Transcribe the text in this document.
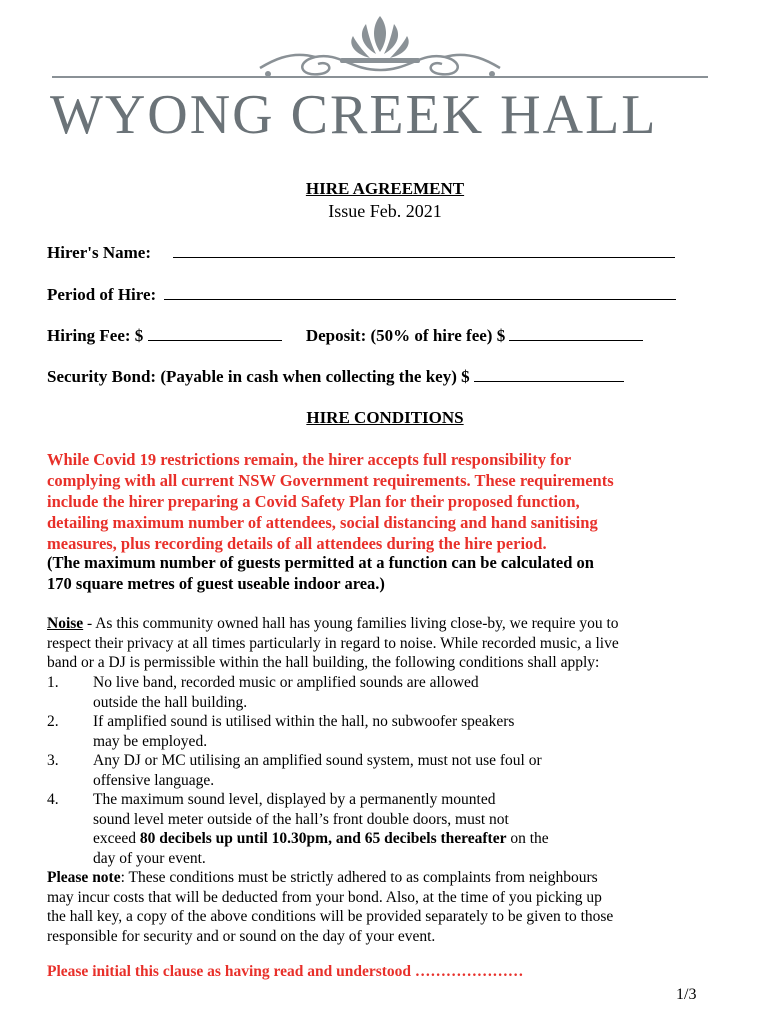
WYONG CREEK HALL
HIRE AGREEMENT
Issue Feb. 2021
Hirer's Name:
Period of Hire:
Hiring Fee: $	Deposit: (50% of hire fee) $
Security Bond: (Payable in cash when collecting the key) $
HIRE CONDITIONS
While Covid 19 restrictions remain, the hirer accepts full responsibility for
complying with all current NSW Government requirements. These requirements
include the hirer preparing a Covid Safety Plan for their proposed function,
detailing maximum number of attendees, social distancing and hand sanitising
measures, plus recording details of all attendees during the hire period.
(The maximum number of guests permitted at a function can be calculated on
170 square metres of guest useable indoor area.)
Noise - As this community owned hall has young families living close-by, we require you to
respect their privacy at all times particularly in regard to noise. While recorded music, a live
band or a DJ is permissible within the hall building, the following conditions shall apply:
1. No live band, recorded music or amplified sounds are allowed
outside the hall building.
2. If amplified sound is utilised within the hall, no subwoofer speakers
may be employed.
3. Any DJ or MC utilising an amplified sound system, must not use foul or
offensive language.
4. The maximum sound level, displayed by a permanently mounted
sound level meter outside of the hall’s front double doors, must not
exceed 80 decibels up until 10.30pm, and 65 decibels thereafter on the
day of your event.
Please note: These conditions must be strictly adhered to as complaints from neighbours
may incur costs that will be deducted from your bond. Also, at the time of you picking up
the hall key, a copy of the above conditions will be provided separately to be given to those
responsible for security and or sound on the day of your event.
Please initial this clause as having read and understood …………………
1/3
